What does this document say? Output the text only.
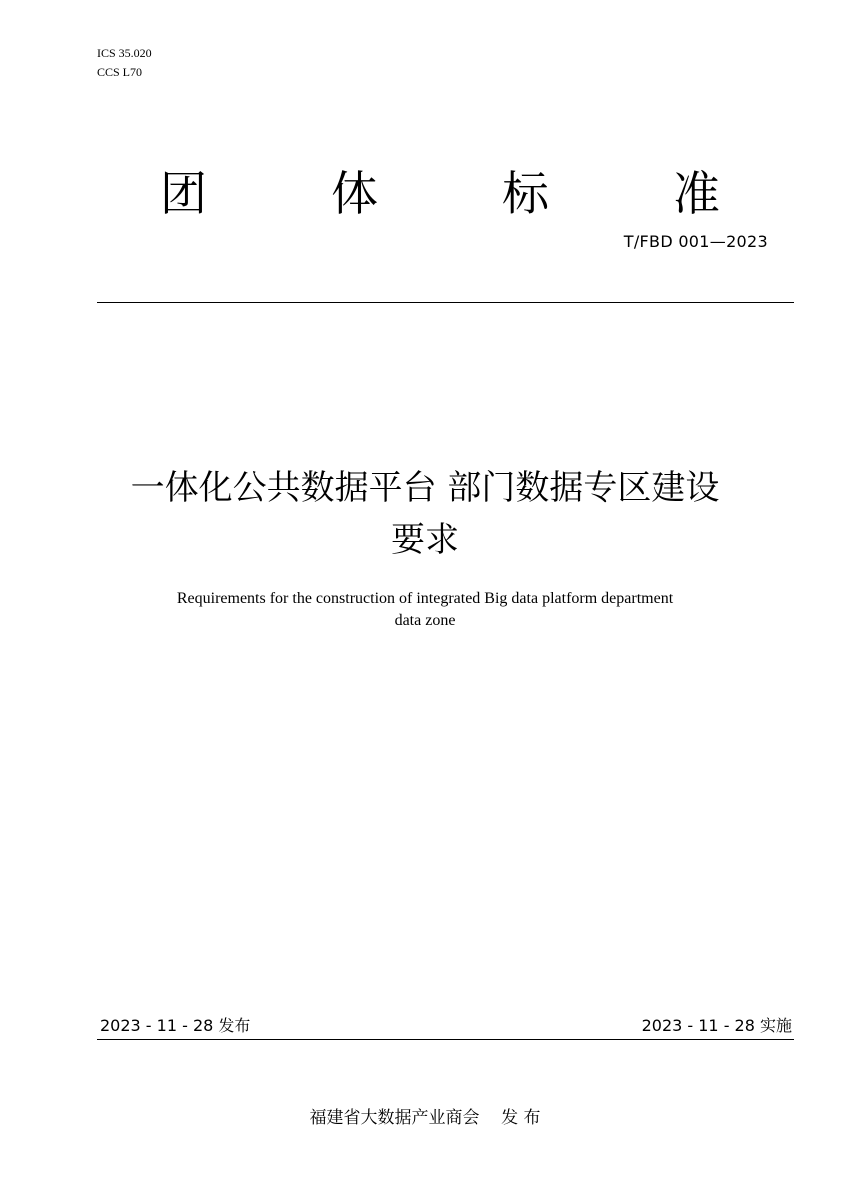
ICS 35.020
CCS L70
团	体	标	准
T/FBD 001—2023
一体化公共数据平台 部门数据专区建设
要求
Requirements for the construction of integrated Big data platform department
data zone
2023 - 11 - 28 发布	2023 - 11 - 28 实施
福建省大数据产业商会    发 布
